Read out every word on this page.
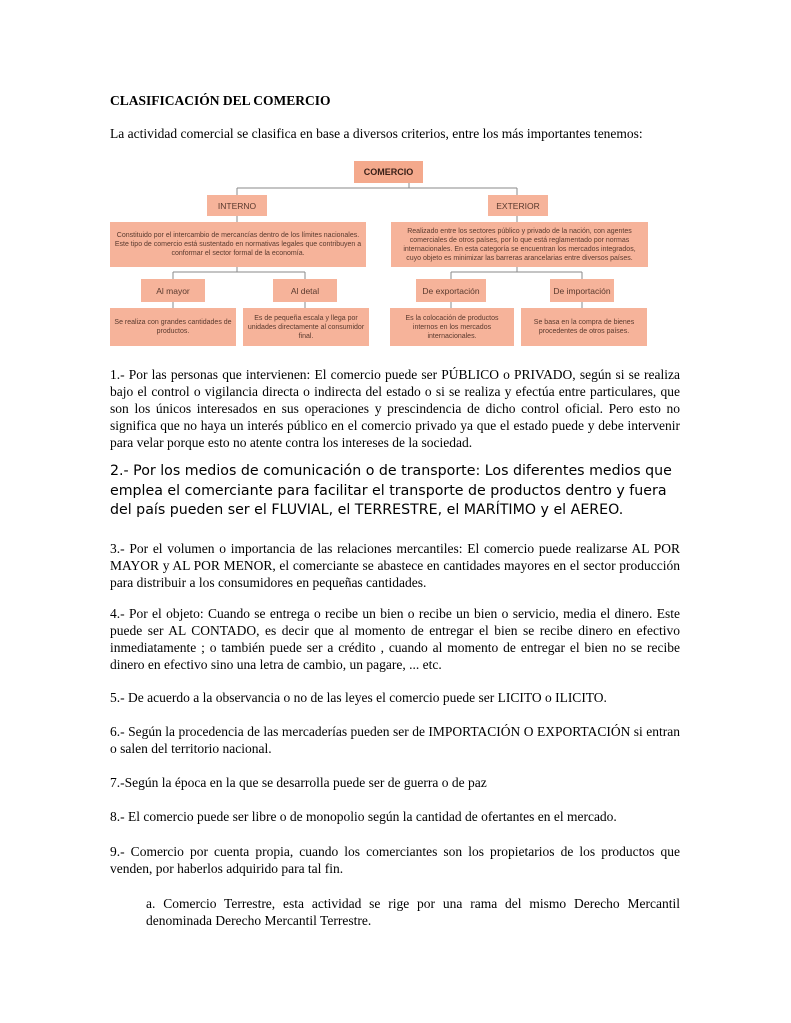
CLASIFICACIÓN DEL COMERCIO
La actividad comercial se clasifica en base a diversos criterios, entre los más importantes tenemos:
COMERCIO
INTERNO	EXTERIOR
Constituido por el intercambio de mercancías dentro de los límites nacionales. Este tipo de comercio está sustentado en normativas legales que contribuyen a conformar el sector formal de la economía.
Realizado entre los sectores público y privado de la nación, con agentes comerciales de otros países, por lo que está reglamentado por normas internacionales. En esta categoría se encuentran los mercados integrados, cuyo objeto es minimizar las barreras arancelarias entre diversos países.
Al mayor	Al detal	De exportación	De importación
Se realiza con grandes cantidades de productos.
Es de pequeña escala y llega por unidades directamente al consumidor final.
Es la colocación de productos internos en los mercados internacionales.
Se basa en la compra de bienes procedentes de otros países.
1.- Por las personas que intervienen: El comercio puede ser PÚBLICO o PRIVADO, según si se realiza bajo el control o vigilancia directa o indirecta del estado o si se realiza y efectúa entre particulares, que son los únicos interesados en sus operaciones y prescindencia de dicho control oficial. Pero esto no significa que no haya un interés público en el comercio privado ya que el estado puede y debe intervenir para velar porque esto no atente contra los intereses de la sociedad.
2.- Por los medios de comunicación o de transporte: Los diferentes medios que emplea el comerciante para facilitar el transporte de productos dentro y fuera del país pueden ser el FLUVIAL, el TERRESTRE, el MARÍTIMO y el AEREO.
3.- Por el volumen o importancia de las relaciones mercantiles: El comercio puede realizarse AL POR MAYOR y AL POR MENOR, el comerciante se abastece en cantidades mayores en el sector producción para distribuir a los consumidores en pequeñas cantidades.
4.- Por el objeto: Cuando se entrega o recibe un bien o recibe un bien o servicio, media el dinero. Este puede ser AL CONTADO, es decir que al momento de entregar el bien se recibe dinero en efectivo inmediatamente ; o también puede ser a crédito , cuando al momento de entregar el bien no se recibe dinero en efectivo sino una letra de cambio, un pagare, ... etc.
5.- De acuerdo a la observancia o no de las leyes el comercio puede ser LICITO o ILICITO.
6.- Según la procedencia de las mercaderías pueden ser de IMPORTACIÓN O EXPORTACIÓN si entran o salen del territorio nacional.
7.-Según la época en la que se desarrolla puede ser de guerra o de paz
8.- El comercio puede ser libre o de monopolio según la cantidad de ofertantes en el mercado.
9.- Comercio por cuenta propia, cuando los comerciantes son los propietarios de los productos que venden, por haberlos adquirido para tal fin.
a. Comercio Terrestre, esta actividad se rige por una rama del mismo Derecho Mercantil denominada Derecho Mercantil Terrestre.
